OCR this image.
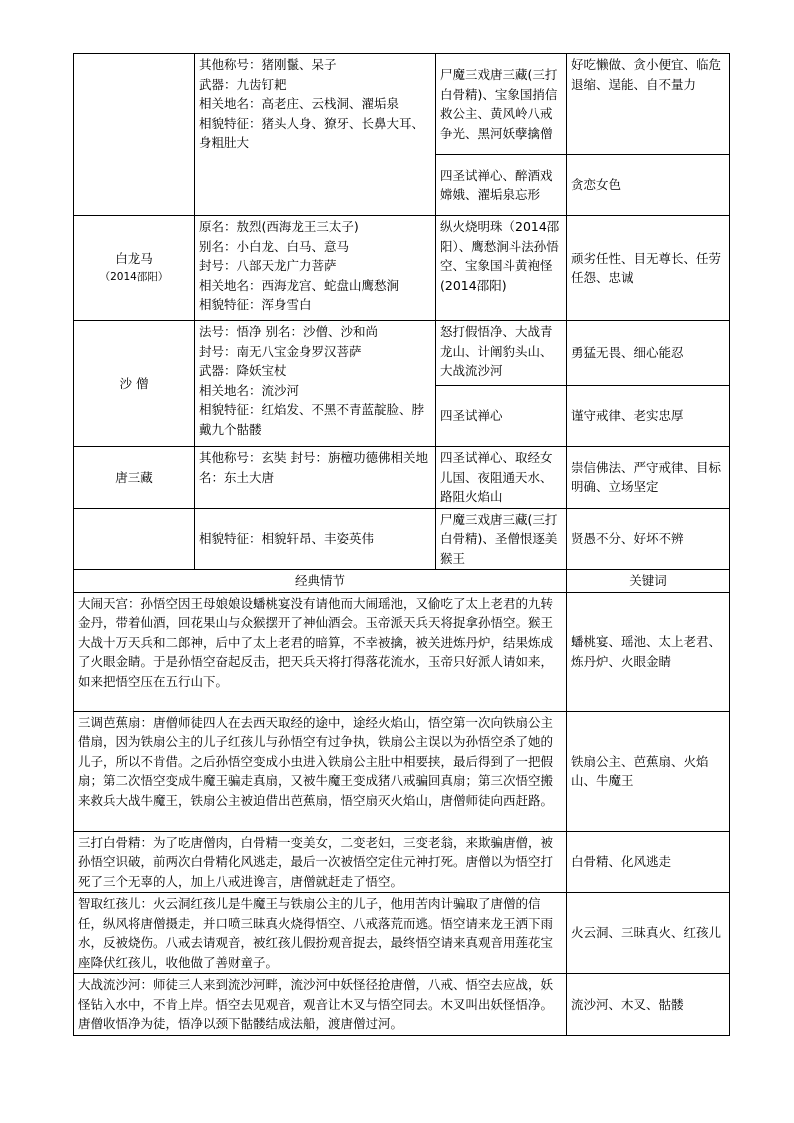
	其他称号：猪刚鬣、呆子
武器：九齿钉耙
相关地名：高老庄、云栈洞、濯垢泉
相貌特征：猪头人身、獠牙、长鼻大耳、身粗肚大	尸魔三戏唐三藏(三打白骨精)、宝象国捎信救公主、黄风岭八戒争光、黑河妖孽擒僧	好吃懒做、贪小便宜、临危退缩、逞能、自不量力
		四圣试禅心、醉酒戏嫦娥、濯垢泉忘形	贪恋女色

白龙马
（2014邵阳）	原名：敖烈(西海龙王三太子)
别名：小白龙、白马、意马
封号：八部天龙广力菩萨
相关地名：西海龙宫、蛇盘山鹰愁涧
相貌特征：浑身雪白	纵火烧明珠（2014邵阳）、鹰愁涧斗法孙悟空、宝象国斗黄袍怪(2014邵阳)	顽劣任性、目无尊长、任劳任怨、忠诚
沙 僧	法号：悟净 别名：沙僧、沙和尚
封号：南无八宝金身罗汉菩萨
武器：降妖宝杖
相关地名：流沙河
相貌特征：红焰发、不黑不青蓝靛脸、脖戴九个骷髅	怒打假悟净、大战青龙山、计阐豹头山、大战流沙河	勇猛无畏、细心能忍
		四圣试禅心	谨守戒律、老实忠厚
唐三藏	其他称号：玄奘 封号：旃檀功德佛相关地名：东土大唐	四圣试禅心、取经女儿国、夜阻通天水、路阻火焰山	崇信佛法、严守戒律、目标明确、立场坚定
	相貌特征：相貌轩昂、丰姿英伟	尸魔三戏唐三藏(三打白骨精)、圣僧恨逐美猴王	贤愚不分、好坏不辨
经典情节			关键词
大闹天宫：孙悟空因王母娘娘设蟠桃宴没有请他而大闹瑶池，又偷吃了太上老君的九转金丹，带着仙酒，回花果山与众猴摆开了神仙酒会。玉帝派天兵天将捉拿孙悟空。猴王大战十万天兵和二郎神，后中了太上老君的暗算，不幸被擒，被关进炼丹炉，结果炼成了火眼金睛。于是孙悟空奋起反击，把天兵天将打得落花流水，玉帝只好派人请如来，如来把悟空压在五行山下。			蟠桃宴、瑶池、太上老君、炼丹炉、火眼金睛
三调芭蕉扇：唐僧师徒四人在去西天取经的途中，途经火焰山，悟空第一次向铁扇公主借扇，因为铁扇公主的儿子红孩儿与孙悟空有过争执，铁扇公主误以为孙悟空杀了她的儿子，所以不肯借。之后孙悟空变成小虫进入铁扇公主肚中相要挟，最后得到了一把假扇；第二次悟空变成牛魔王骗走真扇，又被牛魔王变成猪八戒骗回真扇；第三次悟空搬来救兵大战牛魔王，铁扇公主被迫借出芭蕉扇，悟空扇灭火焰山，唐僧师徒向西赶路。			铁扇公主、芭蕉扇、火焰山、牛魔王
三打白骨精：为了吃唐僧肉，白骨精一变美女，二变老妇，三变老翁，来欺骗唐僧，被孙悟空识破，前两次白骨精化风逃走，最后一次被悟空定住元神打死。唐僧以为悟空打死了三个无辜的人，加上八戒进谗言，唐僧就赶走了悟空。			白骨精、化风逃走
智取红孩儿：火云洞红孩儿是牛魔王与铁扇公主的儿子，他用苦肉计骗取了唐僧的信任，纵风将唐僧摄走，并口喷三昧真火烧得悟空、八戒落荒而逃。悟空请来龙王洒下雨水，反被烧伤。八戒去请观音，被红孩儿假扮观音捉去，最终悟空请来真观音用莲花宝座降伏红孩儿，收他做了善财童子。			火云洞、三昧真火、红孩儿
大战流沙河：师徒三人来到流沙河畔，流沙河中妖怪径抢唐僧，八戒、悟空去应战，妖怪钻入水中，不肯上岸。悟空去见观音，观音让木叉与悟空同去。木叉叫出妖怪悟净。唐僧收悟净为徒，悟净以颈下骷髅结成法船，渡唐僧过河。			流沙河、木叉、骷髅
